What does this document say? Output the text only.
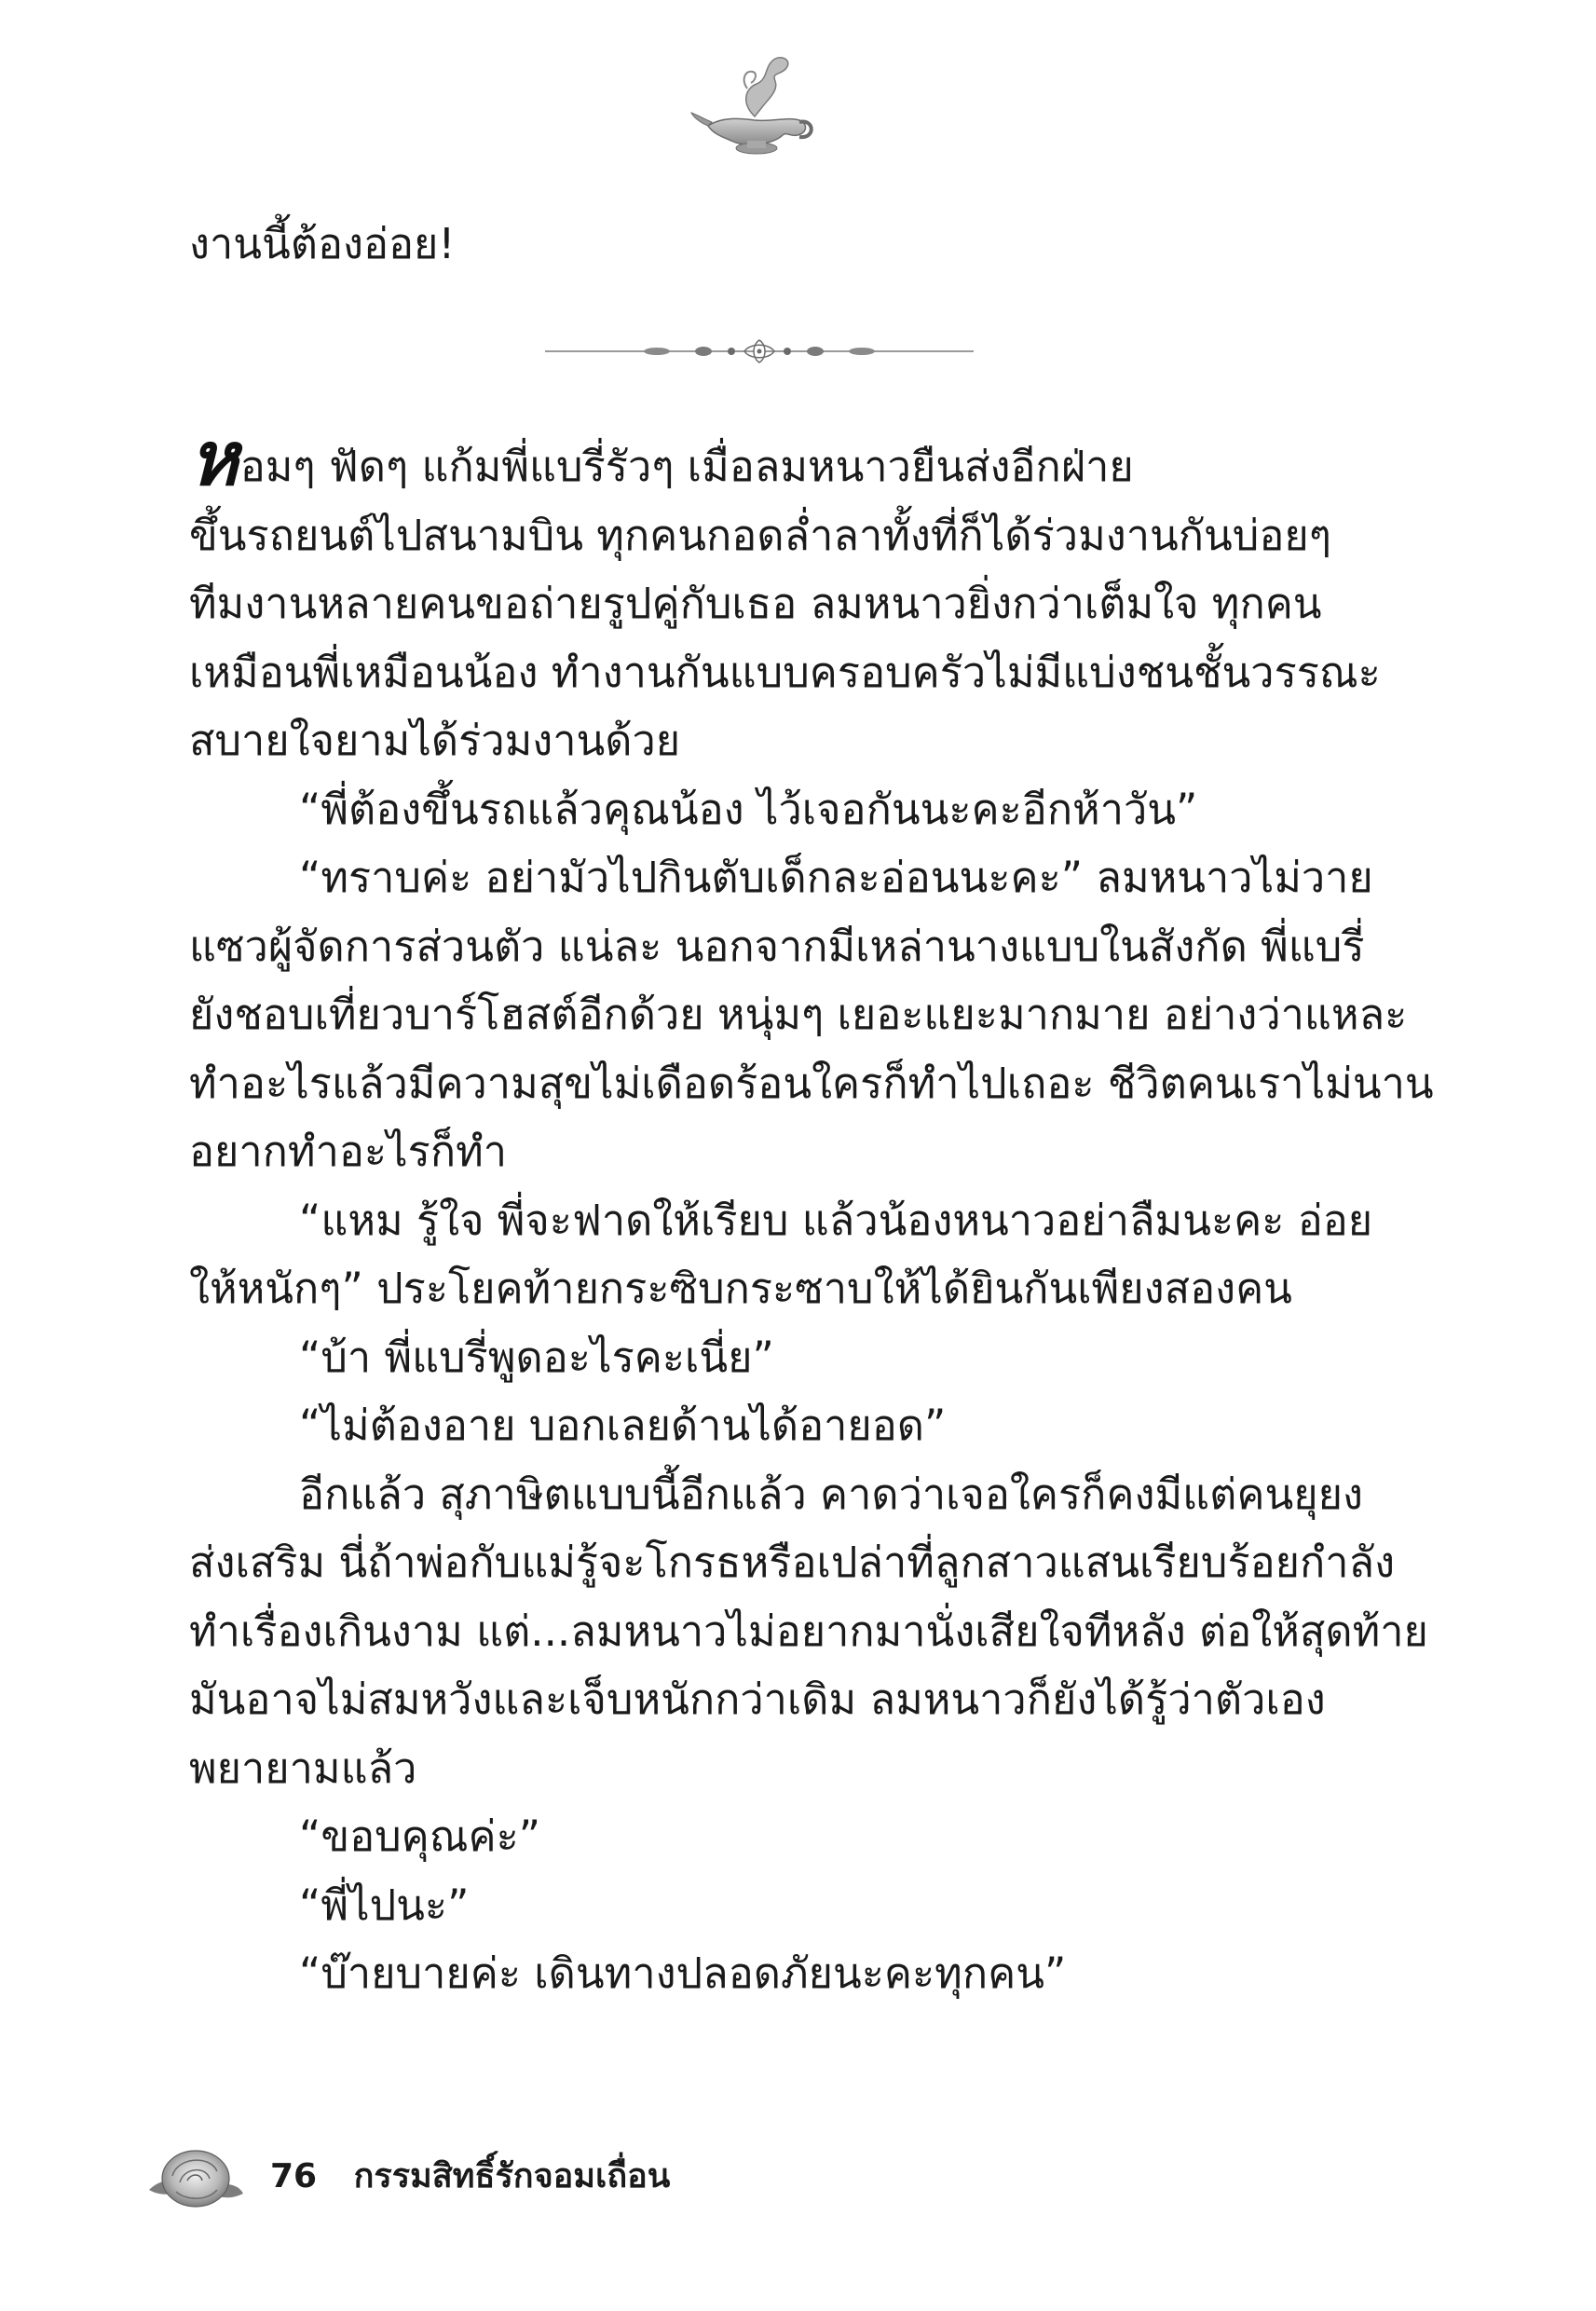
งานนี้ต้องอ่อย!

หอมๆ ฟัดๆ แก้มพี่แบรี่รัวๆ เมื่อลมหนาวยืนส่งอีกฝ่าย

ขึ้นรถยนต์ไปสนามบิน ทุกคนกอดล่ำลาทั้งที่ก็ได้ร่วมงานกันบ่อยๆ

ทีมงานหลายคนขอถ่ายรูปคู่กับเธอ ลมหนาวยิ่งกว่าเต็มใจ ทุกคน

เหมือนพี่เหมือนน้อง ทำงานกันแบบครอบครัวไม่มีแบ่งชนชั้นวรรณะ

สบายใจยามได้ร่วมงานด้วย

“พี่ต้องขึ้นรถแล้วคุณน้อง ไว้เจอกันนะคะอีกห้าวัน”

“ทราบค่ะ อย่ามัวไปกินตับเด็กละอ่อนนะคะ” ลมหนาวไม่วาย

แซวผู้จัดการส่วนตัว แน่ละ นอกจากมีเหล่านางแบบในสังกัด พี่แบรี่

ยังชอบเที่ยวบาร์โฮสต์อีกด้วย หนุ่มๆ เยอะแยะมากมาย อย่างว่าแหละ

ทำอะไรแล้วมีความสุขไม่เดือดร้อนใครก็ทำไปเถอะ ชีวิตคนเราไม่นาน

อยากทำอะไรก็ทำ

“แหม รู้ใจ พี่จะฟาดให้เรียบ แล้วน้องหนาวอย่าลืมนะคะ อ่อย

ให้หนักๆ” ประโยคท้ายกระซิบกระซาบให้ได้ยินกันเพียงสองคน

“บ้า พี่แบรี่พูดอะไรคะเนี่ย”

“ไม่ต้องอาย บอกเลยด้านได้อายอด”

อีกแล้ว สุภาษิตแบบนี้อีกแล้ว คาดว่าเจอใครก็คงมีแต่คนยุยง

ส่งเสริม นี่ถ้าพ่อกับแม่รู้จะโกรธหรือเปล่าที่ลูกสาวแสนเรียบร้อยกำลัง

ทำเรื่องเกินงาม แต่...ลมหนาวไม่อยากมานั่งเสียใจทีหลัง ต่อให้สุดท้าย

มันอาจไม่สมหวังและเจ็บหนักกว่าเดิม ลมหนาวก็ยังได้รู้ว่าตัวเอง

พยายามแล้ว

“ขอบคุณค่ะ”

“พี่ไปนะ”

“บ๊ายบายค่ะ เดินทางปลอดภัยนะคะทุกคน”

76 กรรมสิทธิ์รักจอมเถื่อน
